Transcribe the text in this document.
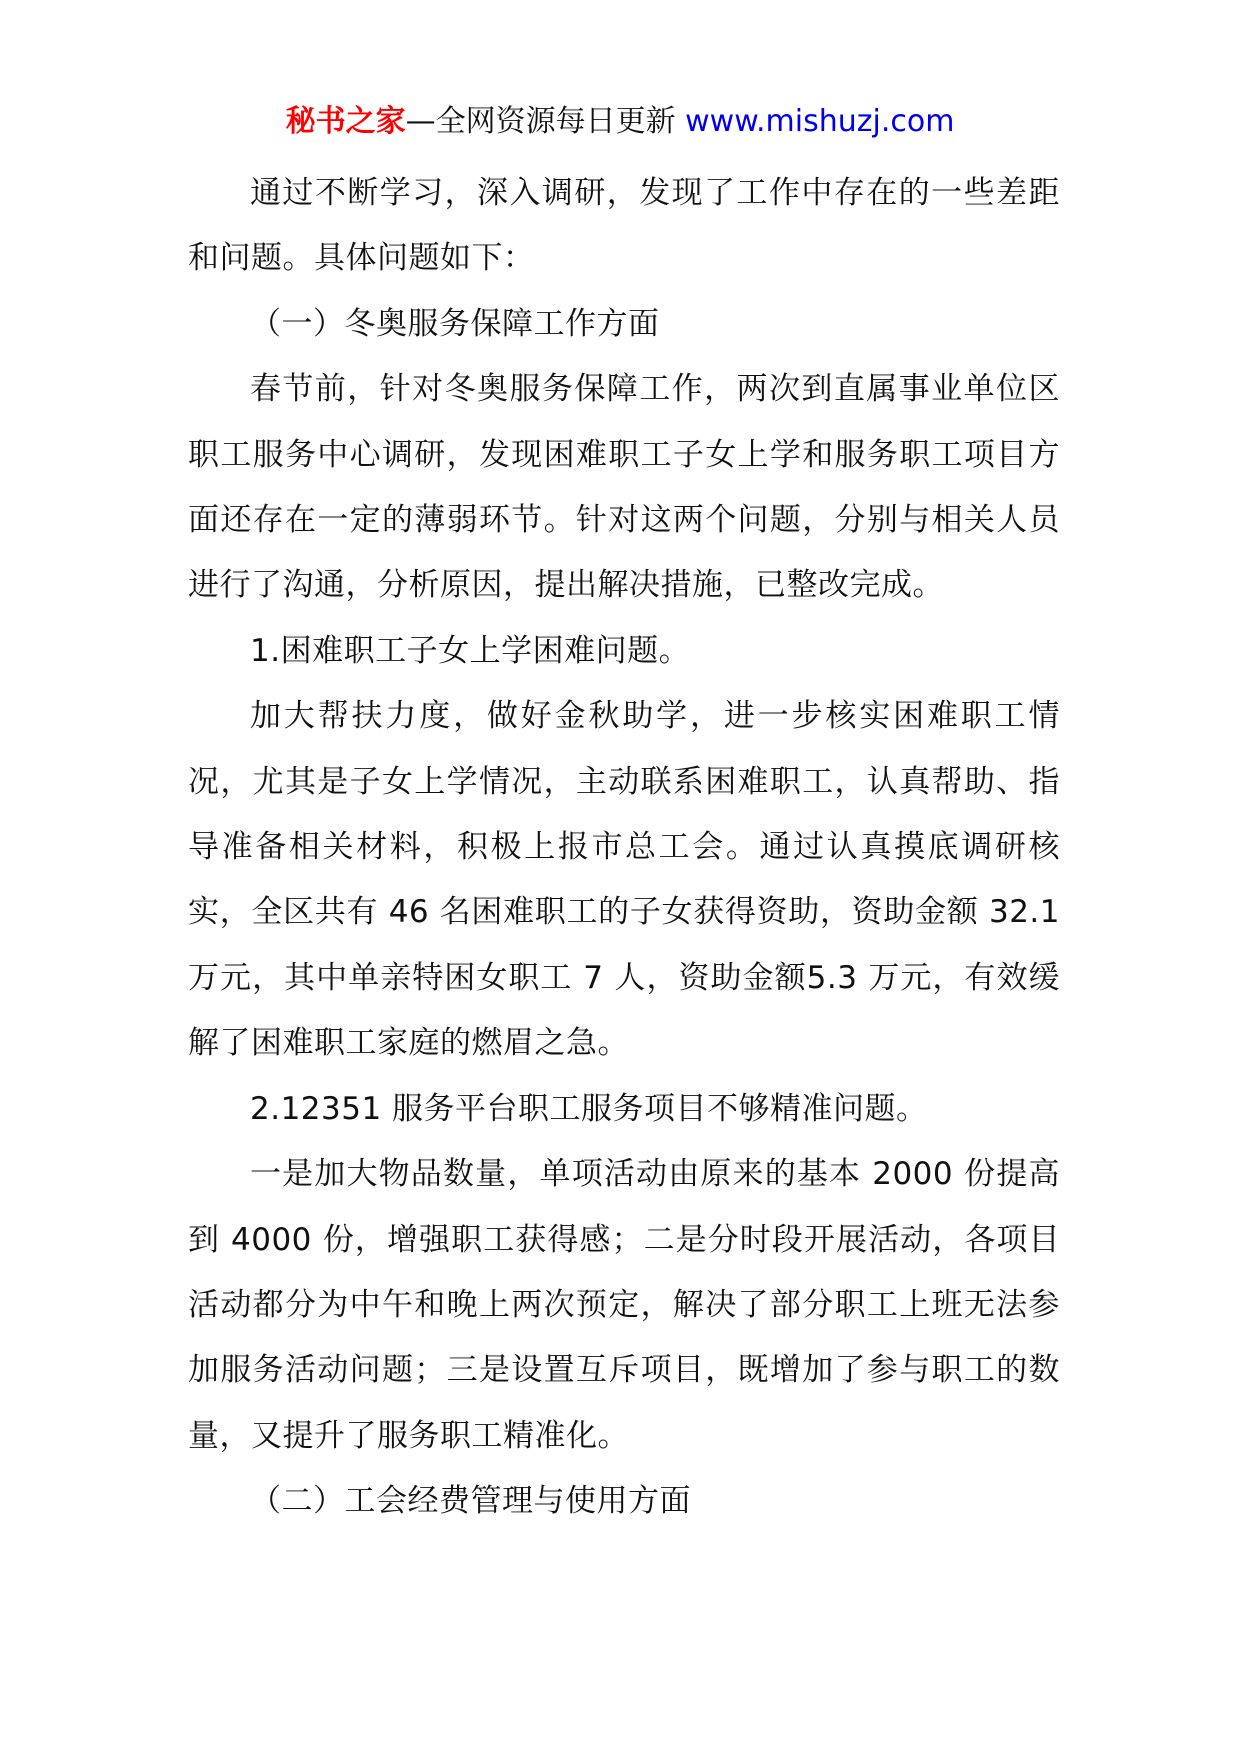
秘书之家—全网资源每日更新 www.mishuzj.com

通过不断学习，深入调研，发现了工作中存在的一些差距和问题。具体问题如下：

（一）冬奥服务保障工作方面

春节前，针对冬奥服务保障工作，两次到直属事业单位区职工服务中心调研，发现困难职工子女上学和服务职工项目方面还存在一定的薄弱环节。针对这两个问题，分别与相关人员进行了沟通，分析原因，提出解决措施，已整改完成。

1.困难职工子女上学困难问题。

加大帮扶力度，做好金秋助学，进一步核实困难职工情况，尤其是子女上学情况，主动联系困难职工，认真帮助、指导准备相关材料，积极上报市总工会。通过认真摸底调研核实，全区共有 46 名困难职工的子女获得资助，资助金额 32.1 万元，其中单亲特困女职工 7 人，资助金额5.3 万元，有效缓解了困难职工家庭的燃眉之急。

2.12351 服务平台职工服务项目不够精准问题。

一是加大物品数量，单项活动由原来的基本 2000 份提高到 4000 份，增强职工获得感；二是分时段开展活动，各项目活动都分为中午和晚上两次预定，解决了部分职工上班无法参加服务活动问题；三是设置互斥项目，既增加了参与职工的数量，又提升了服务职工精准化。

（二）工会经费管理与使用方面
